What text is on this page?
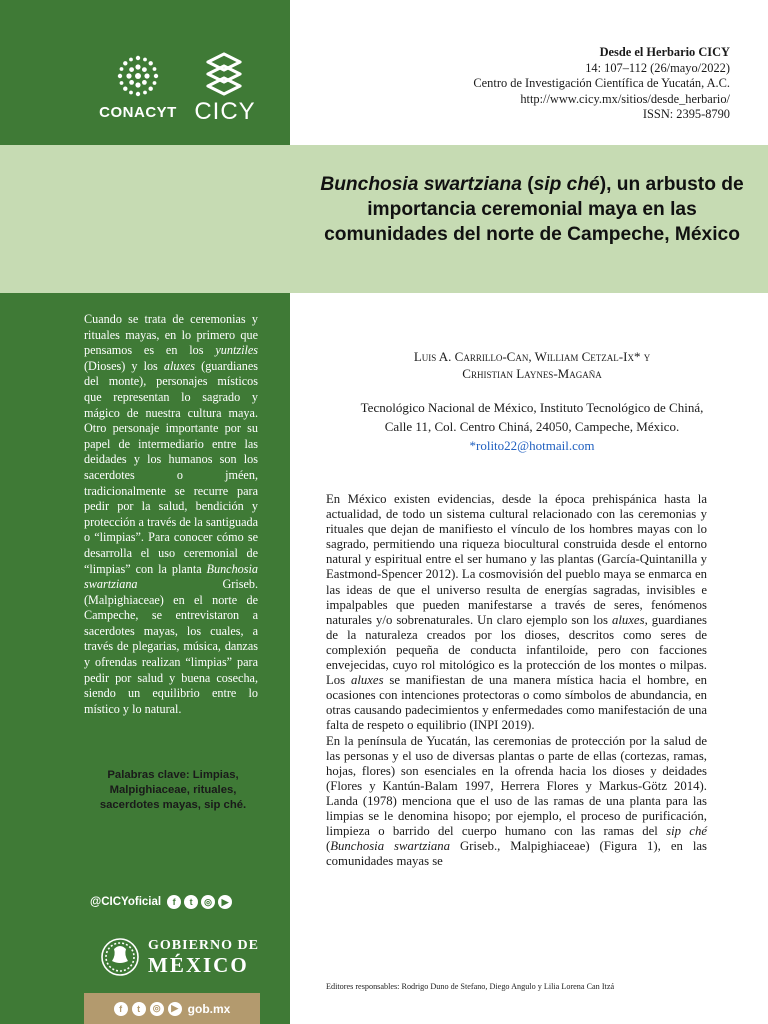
CONACYT CICY
Desde el Herbario CICY
14: 107–112 (26/mayo/2022)
Centro de Investigación Científica de Yucatán, A.C.
http://www.cicy.mx/sitios/desde_herbario/
ISSN: 2395-8790
Bunchosia swartziana (sip ché), un arbusto de importancia ceremonial maya en las comunidades del norte de Campeche, México

Cuando se trata de ceremonias y rituales mayas, en lo primero que pensamos es en los yuntziles (Dioses) y los aluxes (guardianes del monte), personajes místicos que representan lo sagrado y mágico de nuestra cultura maya. Otro personaje importante por su papel de intermediario entre las deidades y los humanos son los sacerdotes o jméen, tradicionalmente se recurre para pedir por la salud, bendición y protección a través de la santiguada o “limpias”. Para conocer cómo se desarrolla el uso ceremonial de “limpias” con la planta Bunchosia swartziana Griseb. (Malpighiaceae) en el norte de Campeche, se entrevistaron a sacerdotes mayas, los cuales, a través de plegarias, música, danzas y ofrendas realizan “limpias” para pedir por salud y buena cosecha, siendo un equilibrio entre lo místico y lo natural.

Palabras clave: Limpias, Malpighiaceae, rituales, sacerdotes mayas, sip ché.
@CICYoficial	f	t	◎	▶
GOBIERNO DE
MÉXICO
f	t	◎	▶ gob.mx
Luis A. Carrillo-Can, William Cetzal-Ix* y
Crhistian Laynes-Magaña
Tecnológico Nacional de México, Instituto Tecnológico de Chiná,
Calle 11, Col. Centro Chiná, 24050, Campeche, México.
*rolito22@hotmail.com

En México existen evidencias, desde la época prehispánica hasta la actualidad, de todo un sistema cultural relacionado con las ceremonias y rituales que dejan de manifiesto el vínculo de los hombres mayas con lo sagrado, permitiendo una riqueza biocultural construida desde el entorno natural y espiritual entre el ser humano y las plantas (García-Quintanilla y Eastmond-Spencer 2012). La cosmovisión del pueblo maya se enmarca en las ideas de que el universo resulta de energías sagradas, invisibles e impalpables que pueden manifestarse a través de seres, fenómenos naturales y/o sobrenaturales. Un claro ejemplo son los aluxes, guardianes de la naturaleza creados por los dioses, descritos como seres de complexión pequeña de conducta infantiloide, pero con facciones envejecidas, cuyo rol mitológico es la protección de los montes o milpas. Los aluxes se manifiestan de una manera mística hacia el hombre, en ocasiones con intenciones protectoras o como símbolos de abundancia, en otras causando padecimientos y enfermedades como manifestación de una falta de respeto o equilibrio (INPI 2019).

En la península de Yucatán, las ceremonias de protección por la salud de las personas y el uso de diversas plantas o parte de ellas (cortezas, ramas, hojas, flores) son esenciales en la ofrenda hacia los dioses y deidades (Flores y Kantún-Balam 1997, Herrera Flores y Markus-Götz 2014). Landa (1978) menciona que el uso de las ramas de una planta para las limpias se le denomina hisopo; por ejemplo, el proceso de purificación, limpieza o barrido del cuerpo humano con las ramas del sip ché (Bunchosia swartziana Griseb., Malpighiaceae) (Figura 1), en las comunidades mayas se

Editores responsables: Rodrigo Duno de Stefano, Diego Angulo y Lilia Lorena Can Itzá
